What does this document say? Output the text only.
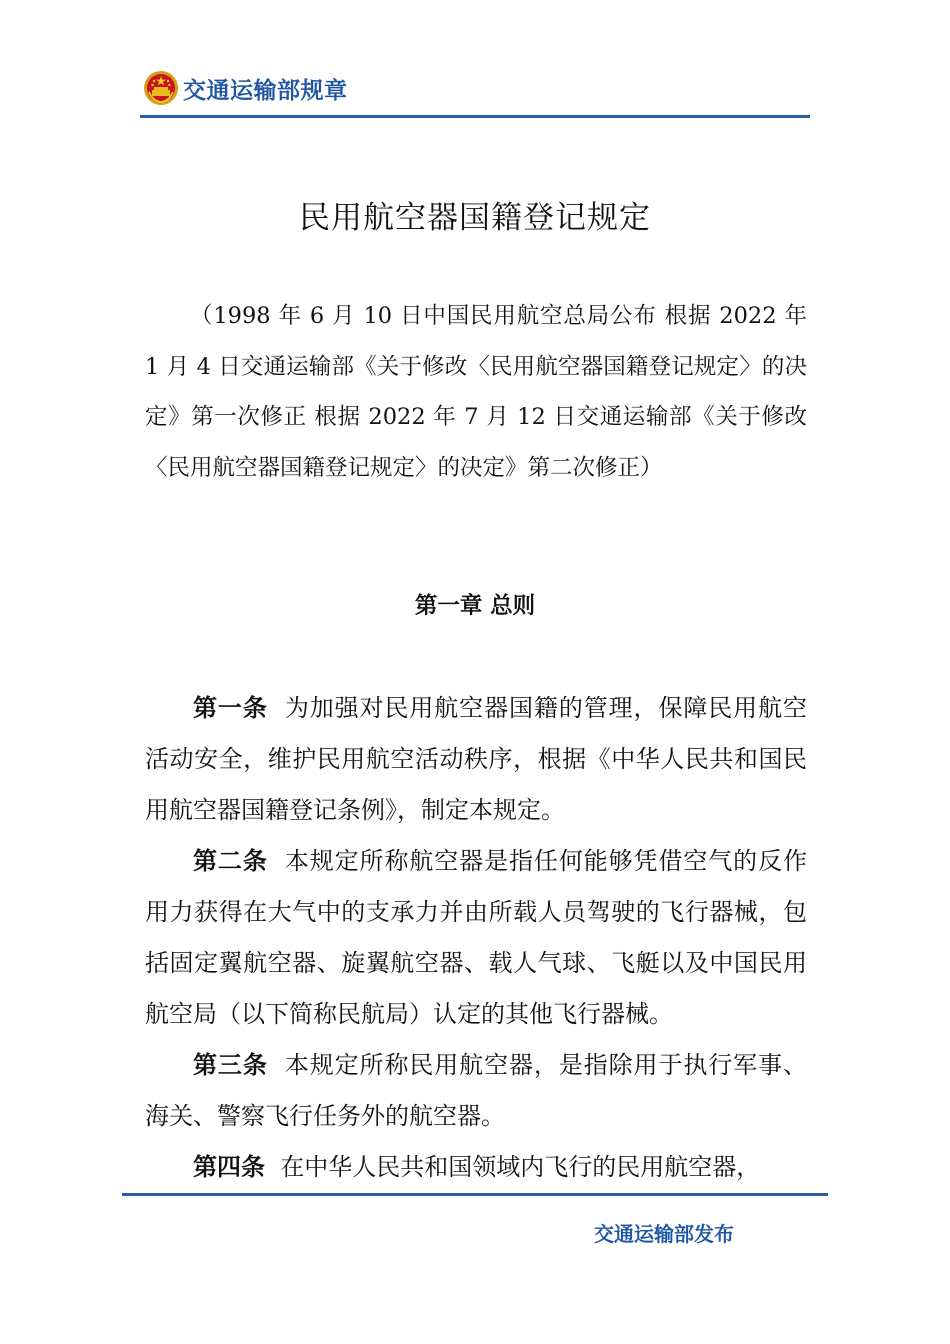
交通运输部规章
民用航空器国籍登记规定
（1998 年 6 月 10 日中国民用航空总局公布 根据 2022 年 1 月 4 日交通运输部《关于修改〈民用航空器国籍登记规定〉的决定》第一次修正 根据 2022 年 7 月 12 日交通运输部《关于修改〈民用航空器国籍登记规定〉的决定》第二次修正）
第一章 总则

第一条 为加强对民用航空器国籍的管理，保障民用航空活动安全，维护民用航空活动秩序，根据《中华人民共和国民用航空器国籍登记条例》，制定本规定。

第二条 本规定所称航空器是指任何能够凭借空气的反作用力获得在大气中的支承力并由所载人员驾驶的飞行器械，包括固定翼航空器、旋翼航空器、载人气球、飞艇以及中国民用航空局（以下简称民航局）认定的其他飞行器械。

第三条 本规定所称民用航空器，是指除用于执行军事、海关、警察飞行任务外的航空器。

第四条 在中华人民共和国领域内飞行的民用航空器，

交通运输部发布
